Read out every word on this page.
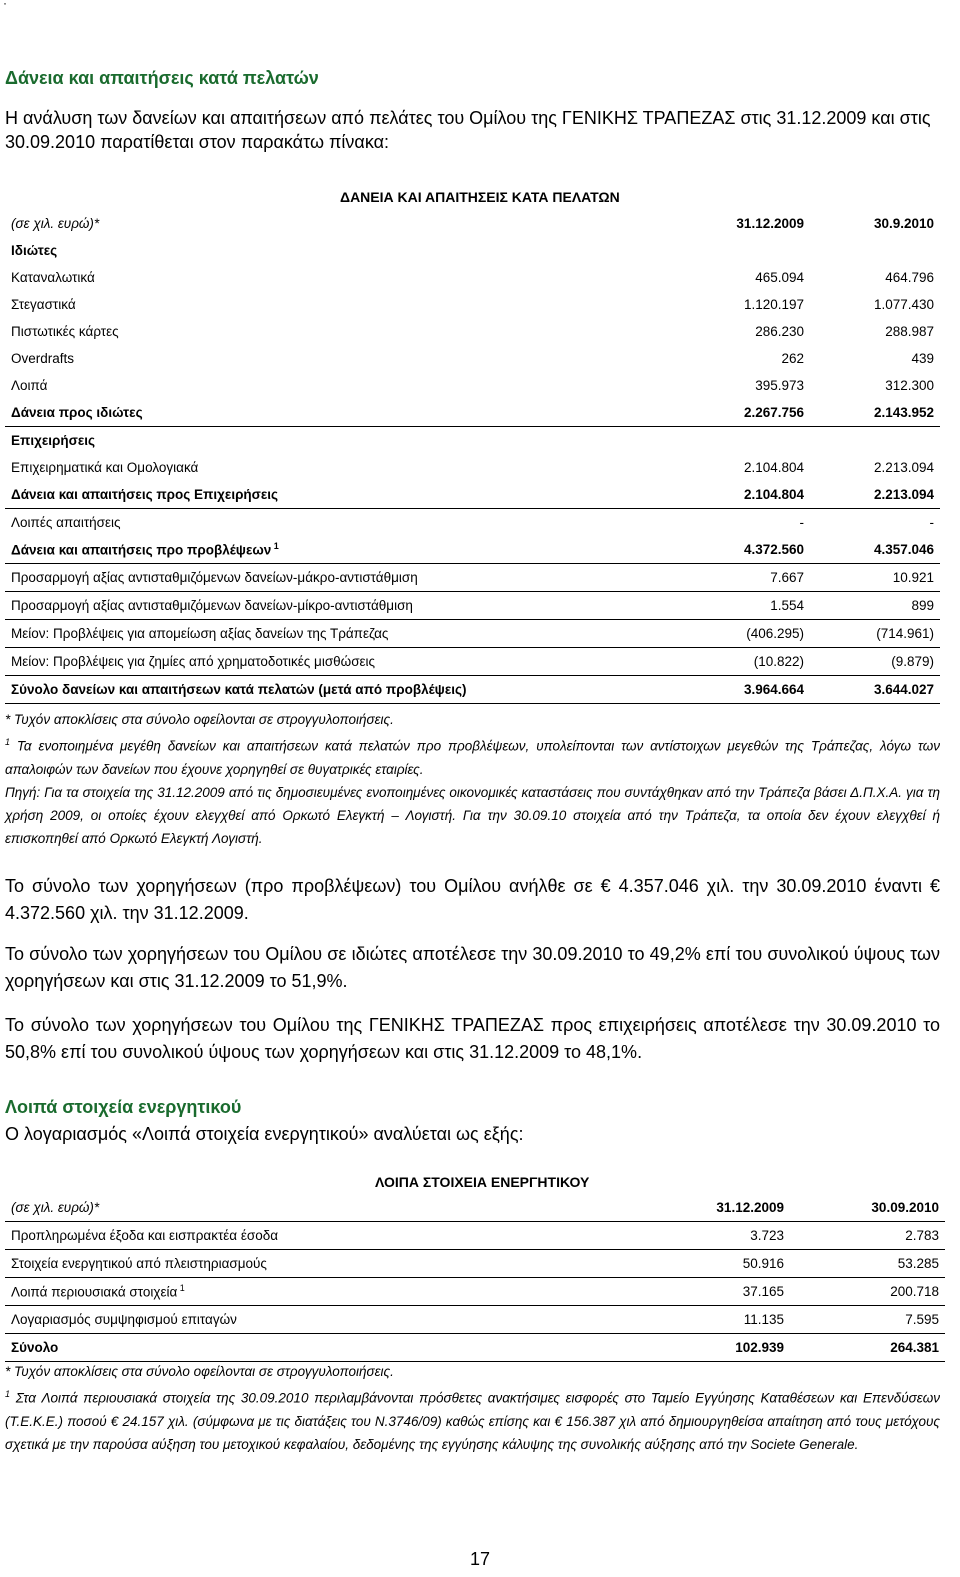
·
Δάνεια και απαιτήσεις κατά πελατών
Η ανάλυση των δανείων και απαιτήσεων από πελάτες του Ομίλου της ΓΕΝΙΚΗΣ ΤΡΑΠΕΖΑΣ στις 31.12.2009 και στις 30.09.2010 παρατίθεται στον παρακάτω πίνακα:
ΔΑΝΕΙΑ ΚΑΙ ΑΠΑΙΤΗΣΕΙΣ ΚΑΤΑ ΠΕΛΑΤΩΝ
(σε χιλ. ευρώ)*	31.12.2009	30.9.2010
Ιδιώτες		
Καταναλωτικά	465.094	464.796
Στεγαστικά	1.120.197	1.077.430
Πιστωτικές κάρτες	286.230	288.987
Overdrafts	262	439
Λοιπά	395.973	312.300
Δάνεια προς ιδιώτες	2.267.756	2.143.952
Επιχειρήσεις		
Επιχειρηματικά και Ομολογιακά	2.104.804	2.213.094
Δάνεια και απαιτήσεις προς Επιχειρήσεις	2.104.804	2.213.094
Λοιπές απαιτήσεις	-	-
Δάνεια και απαιτήσεις προ προβλέψεων $^1$	4.372.560	4.357.046
Προσαρμογή αξίας αντισταθμιζόμενων δανείων-μάκρο-αντιστάθμιση	7.667	10.921
Προσαρμογή αξίας αντισταθμιζόμενων δανείων-μίκρο-αντιστάθμιση	1.554	899
Μείον: Προβλέψεις για απομείωση αξίας δανείων της Τράπεζας	(406.295)	(714.961)
Μείον: Προβλέψεις για ζημίες από χρηματοδοτικές μισθώσεις	(10.822)	(9.879)
Σύνολο δανείων και απαιτήσεων κατά πελατών (μετά από προβλέψεις)	3.964.664	3.644.027
* Τυχόν αποκλίσεις στα σύνολο οφείλονται σε στρογγυλοποιήσεις.
$^1$ Τα ενοποιημένα μεγέθη δανείων και απαιτήσεων κατά πελατών προ προβλέψεων, υπολείπονται των αντίστοιχων μεγεθών της Τράπεζας, λόγω των απαλοιφών των δανείων που έχουνε χορηγηθεί σε θυγατρικές εταιρίες.
Πηγή: Για τα στοιχεία της 31.12.2009 από τις δημοσιευμένες ενοποιημένες οικονομικές καταστάσεις που συντάχθηκαν από την Τράπεζα βάσει Δ.Π.Χ.Α. για τη χρήση 2009, οι οποίες έχουν ελεγχθεί από Ορκωτό Ελεγκτή – Λογιστή. Για την 30.09.10 στοιχεία από την Τράπεζα, τα οποία δεν έχουν ελεγχθεί ή επισκοπηθεί από Ορκωτό Ελεγκτή Λογιστή.
Το σύνολο των χορηγήσεων (προ προβλέψεων) του Ομίλου ανήλθε σε € 4.357.046 χιλ. την 30.09.2010 έναντι € 4.372.560 χιλ. την 31.12.2009.
Το σύνολο των χορηγήσεων του Ομίλου σε ιδιώτες αποτέλεσε την 30.09.2010 το 49,2% επί του συνολικού ύψους των χορηγήσεων και στις 31.12.2009 το 51,9%.
Το σύνολο των χορηγήσεων του Ομίλου της ΓΕΝΙΚΗΣ ΤΡΑΠΕΖΑΣ προς επιχειρήσεις αποτέλεσε την 30.09.2010 το 50,8% επί του συνολικού ύψους των χορηγήσεων και στις 31.12.2009 το 48,1%.
Λοιπά στοιχεία ενεργητικού
Ο λογαριασμός «Λοιπά στοιχεία ενεργητικού» αναλύεται ως εξής:
ΛΟΙΠΑ ΣΤΟΙΧΕΙΑ ΕΝΕΡΓΗΤΙΚΟΥ
(σε χιλ. ευρώ)*	31.12.2009	30.09.2010
Προπληρωμένα έξοδα και εισπρακτέα έσοδα	3.723	2.783
Στοιχεία ενεργητικού από πλειστηριασμούς	50.916	53.285
Λοιπά περιουσιακά στοιχεία $^1$	37.165	200.718
Λογαριασμός συμψηφισμού επιταγών	11.135	7.595
Σύνολο	102.939	264.381
* Τυχόν αποκλίσεις στα σύνολο οφείλονται σε στρογγυλοποιήσεις.
$^1$ Στα Λοιπά περιουσιακά στοιχεία της 30.09.2010 περιλαμβάνονται πρόσθετες ανακτήσιμες εισφορές στο Ταμείο Εγγύησης Καταθέσεων και Επενδύσεων (Τ.Ε.Κ.Ε.) ποσού € 24.157 χιλ. (σύμφωνα με τις διατάξεις του Ν.3746/09) καθώς επίσης και € 156.387 χιλ από δημιουργηθείσα απαίτηση από τους μετόχους σχετικά με την παρούσα αύξηση του μετοχικού κεφαλαίου, δεδομένης της εγγύησης κάλυψης της συνολικής αύξησης από την Societe Generale.
17
